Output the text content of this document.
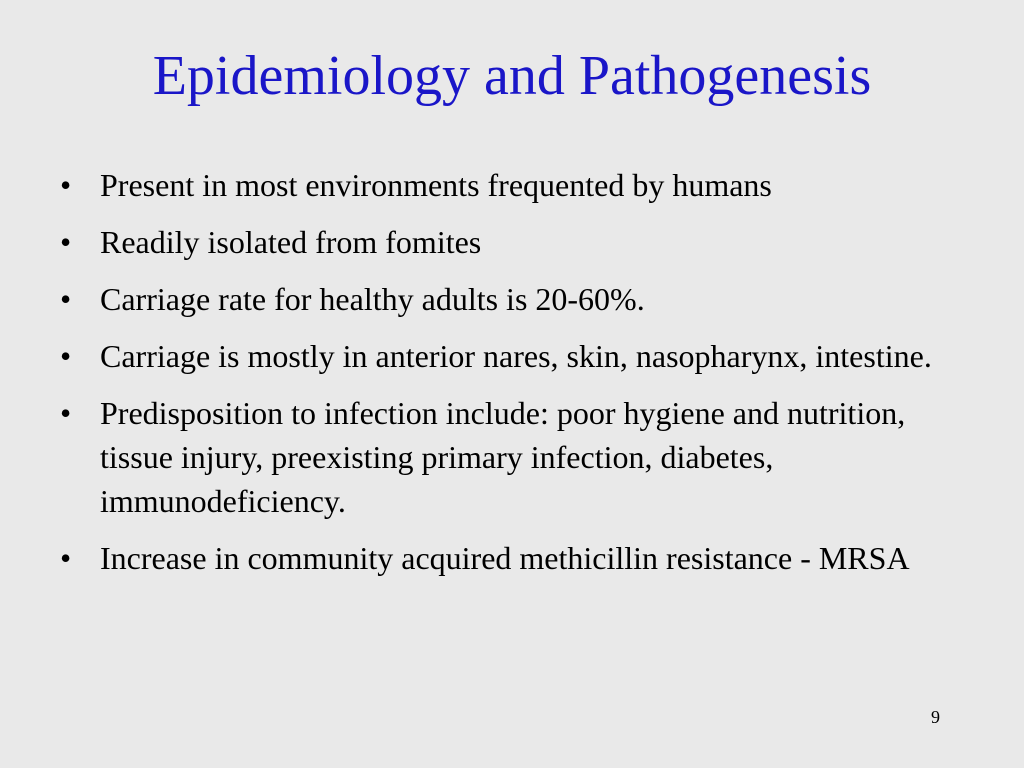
Epidemiology and Pathogenesis
• Present in most environments frequented by humans
• Readily isolated from fomites
• Carriage rate for healthy adults is 20-60%.
• Carriage is mostly in anterior nares, skin, nasopharynx, intestine.
• Predisposition to infection include: poor hygiene and nutrition, tissue injury, preexisting primary infection, diabetes, immunodeficiency.
• Increase in community acquired methicillin resistance - MRSA
9
